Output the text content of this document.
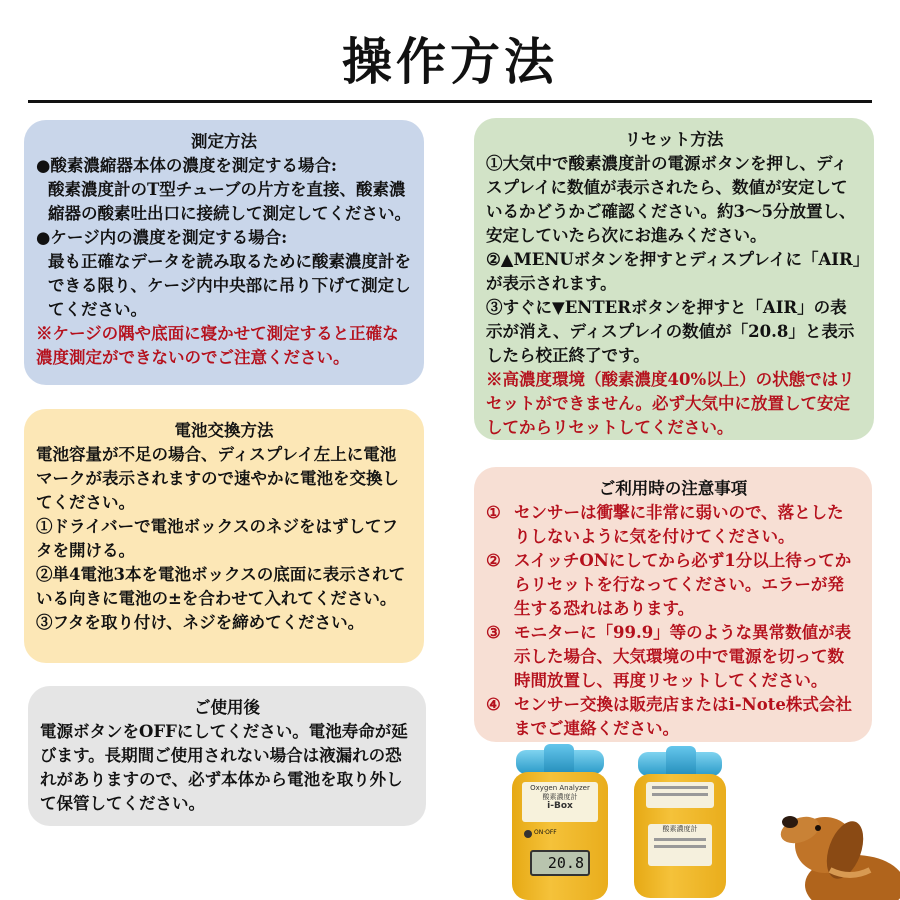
操作方法
測定方法

●酸素濃縮器本体の濃度を測定する場合:

酸素濃度計のT型チューブの片方を直接、酸素濃縮器の酸素吐出口に接続して測定してください。

●ケージ内の濃度を測定する場合:

最も正確なデータを読み取るために酸素濃度計をできる限り、ケージ内中央部に吊り下げて測定してください。

※ケージの隅や底面に寝かせて測定すると正確な濃度測定ができないのでご注意ください。

リセット方法

①大気中で酸素濃度計の電源ボタンを押し、ディスプレイに数値が表示されたら、数値が安定しているかどうかご確認ください。約3～5分放置し、安定していたら次にお進みください。

②▲MENUボタンを押すとディスプレイに「AIR」が表示されます。

③すぐに▼ENTERボタンを押すと「AIR」の表示が消え、ディスプレイの数値が「20.8」と表示したら校正終了です。

※高濃度環境（酸素濃度40%以上）の状態ではリセットができません。必ず大気中に放置して安定してからリセットしてください。

電池交換方法

電池容量が不足の場合、ディスプレイ左上に電池マークが表示されますので速やかに電池を交換してください。

①ドライバーで電池ボックスのネジをはずしてフタを開ける。

②単4電池3本を電池ボックスの底面に表示されている向きに電池の±を合わせて入れてください。

③フタを取り付け、ネジを締めてください。

ご利用時の注意事項

① センサーは衝撃に非常に弱いので、落としたりしないように気を付けてください。

② スイッチONにしてから必ず1分以上待ってからリセットを行なってください。エラーが発生する恐れはあります。

③ モニターに「99.9」等のような異常数値が表示した場合、大気環境の中で電源を切って数時間放置し、再度リセットしてください。

④ センサー交換は販売店またはi-Note株式会社までご連絡ください。

ご使用後

電源ボタンをOFFにしてください。電池寿命が延びます。長期間ご使用されない場合は液漏れの恐れがありますので、必ず本体から電池を取り外して保管してください。

Oxygen Analyzer
酸素濃度計
i-Box
ON·OFF
20.8
酸素濃度計
